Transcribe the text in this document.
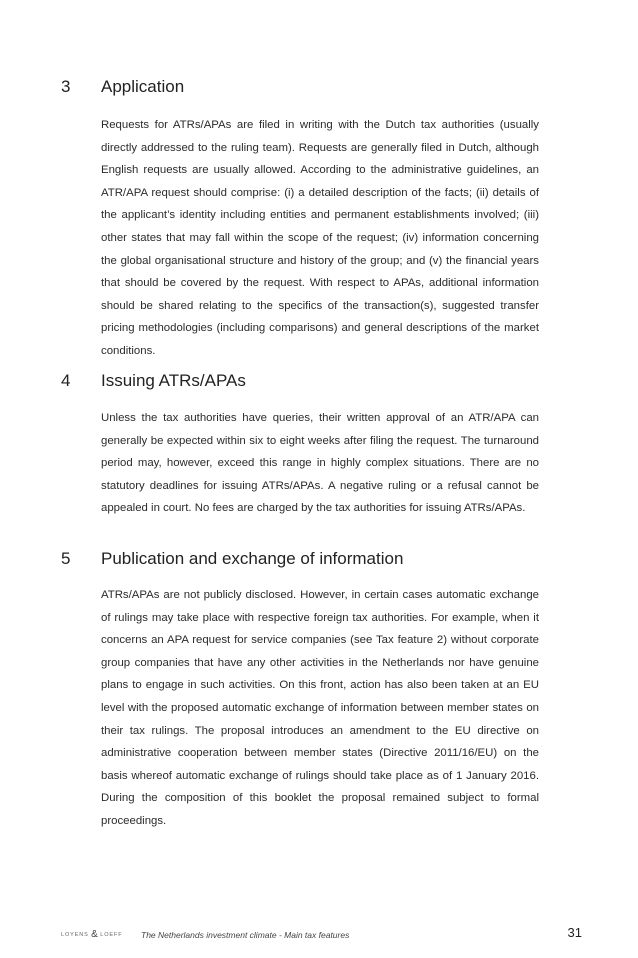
3 Application

Requests for ATRs/APAs are filed in writing with the Dutch tax authorities (usually directly addressed to the ruling team). Requests are generally filed in Dutch, although English requests are usually allowed. According to the administrative guidelines, an ATR/APA request should comprise: (i) a detailed description of the facts; (ii) details of the applicant’s identity including entities and permanent establishments involved; (iii) other states that may fall within the scope of the request; (iv) information concerning the global organisational structure and history of the group; and (v) the financial years that should be covered by the request. With respect to APAs, additional information should be shared relating to the specifics of the transaction(s), suggested transfer pricing methodologies (including comparisons) and general descriptions of the market conditions.

4 Issuing ATRs/APAs

Unless the tax authorities have queries, their written approval of an ATR/APA can generally be expected within six to eight weeks after filing the request. The turnaround period may, however, exceed this range in highly complex situations. There are no statutory deadlines for issuing ATRs/APAs. A negative ruling or a refusal cannot be appealed in court. No fees are charged by the tax authorities for issuing ATRs/APAs.

5 Publication and exchange of information

ATRs/APAs are not publicly disclosed. However, in certain cases automatic exchange of rulings may take place with respective foreign tax authorities. For example, when it concerns an APA request for service companies (see Tax feature 2) without corporate group companies that have any other activities in the Netherlands nor have genuine plans to engage in such activities. On this front, action has also been taken at an EU level with the proposed automatic exchange of information between member states on their tax rulings. The proposal introduces an amendment to the EU directive on administrative cooperation between member states (Directive 2011/16/EU) on the basis whereof automatic exchange of rulings should take place as of 1 January 2016. During the composition of this booklet the proposal remained subject to formal proceedings.

LOYENS & LOEFF The Netherlands investment climate - Main tax features	31
